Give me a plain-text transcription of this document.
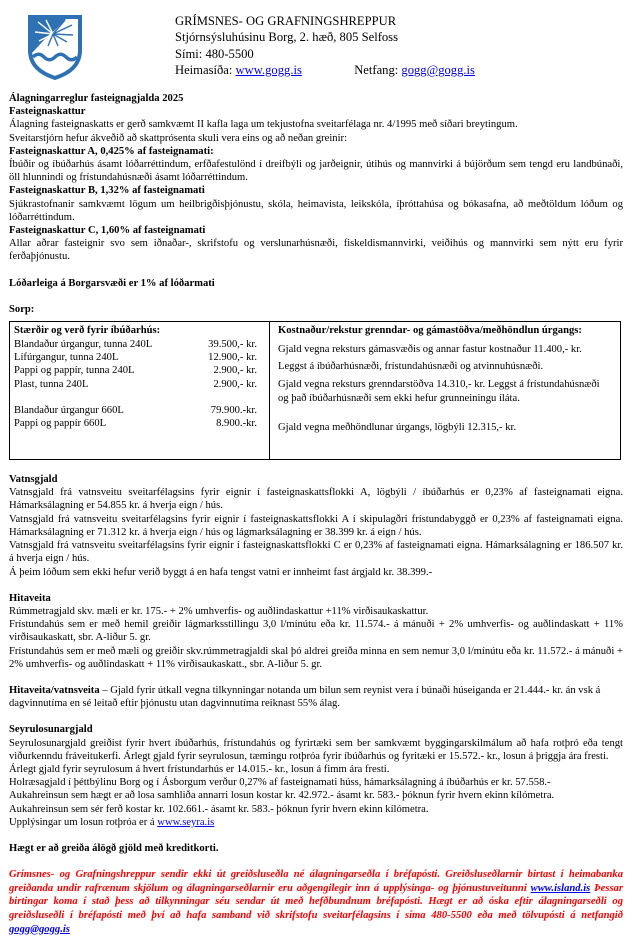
GRÍMSNES- OG GRAFNINGSHREPPUR
Stjórnsýsluhúsinu Borg, 2. hæð, 805 Selfoss
Sími: 480-5500
Heimasíða: www.gogg.is	Netfang: gogg@gogg.is

Álagningarreglur fasteignagjalda 2025

Fasteignaskattur

Álagning fasteignaskatts er gerð samkvæmt II kafla laga um tekjustofna sveitarfélaga nr. 4/1995 með síðari breytingum.

Sveitarstjórn hefur ákveðið að skattprósenta skuli vera eins og að neðan greinir:

Fasteignaskattur A, 0,425% af fasteignamati:

Íbúðir og íbúðarhús ásamt lóðarréttindum, erfðafestulönd í dreifbýli og jarðeignir, útihús og mannvirki á bújörðum sem tengd eru landbúnaði, öll hlunnindi og frístundahúsnæði ásamt lóðarréttindum.

Fasteignaskattur B, 1,32% af fasteignamati

Sjúkrastofnanir samkvæmt lögum um heilbrigðisþjónustu, skóla, heimavista, leikskóla, íþróttahúsa og bókasafna, að meðtöldum lóðum og lóðarréttindum.

Fasteignaskattur C, 1,60% af fasteignamati

Allar aðrar fasteignir svo sem iðnaðar-, skrifstofu og verslunarhúsnæði, fiskeldismannvirki, veiðihús og mannvirki sem nýtt eru fyrir ferðaþjónustu.

Lóðarleiga á Borgarsvæði er 1% af lóðarmati

Sorp:

Stærðir og verð fyrir íbúðarhús:
Blandaður úrgangur, tunna 240L	39.500,- kr.
Lífúrgangur, tunna 240L	12.900,- kr.
Pappi og pappír, tunna 240L	2.900,- kr.
Plast, tunna 240L	2.900,- kr.
Blandaður úrgangur 660L	79.900.-kr.
Pappi og pappír 660L	8.900.-kr.
Kostnaður/rekstur grenndar- og gámastöðva/meðhöndlun úrgangs:

Gjald vegna reksturs gámasvæðis og annar fastur kostnaður 11.400,- kr.

Leggst á íbúðarhúsnæði, frístundahúsnæði og atvinnuhúsnæði.

Gjald vegna reksturs grenndarstöðva 14.310,- kr. Leggst á frístundahúsnæði og það íbúðarhúsnæði sem ekki hefur grunneiningu íláta.

Gjald vegna meðhöndlunar úrgangs, lögbýli 12.315,- kr.

Vatnsgjald

Vatnsgjald frá vatnsveitu sveitarfélagsins fyrir eignir í fasteignaskattsflokki A, lögbýli / íbúðarhús er 0,23% af fasteignamati eigna. Hámarksálagning er 54.855 kr. á hverja eign / hús.

Vatnsgjald frá vatnsveitu sveitarfélagsins fyrir eignir í fasteignaskattsflokki A í skipulagðri frístundabyggð er 0,23% af fasteignamati eigna. Hámarksálagning er 71.312 kr. á hverja eign / hús og lágmarksálagning er 38.399 kr. á eign / hús.

Vatnsgjald frá vatnsveitu sveitarfélagsins fyrir eignir í fasteignaskattsflokki C er 0,23% af fasteignamati eigna. Hámarksálagning er 186.507 kr. á hverja eign / hús.

Á þeim lóðum sem ekki hefur verið byggt á en hafa tengst vatni er innheimt fast árgjald kr. 38.399.-

Hitaveita

Rúmmetragjald skv. mæli er kr. 175.- + 2% umhverfis- og auðlindaskattur +11% virðisaukaskattur.

Frístundahús sem er með hemil greiðir lágmarksstillingu 3,0 l/mínútu eða kr. 11.574.- á mánuði + 2% umhverfis- og auðlindaskatt + 11% virðisaukaskatt, sbr. A-liður 5. gr.

Frístundahús sem er með mæli og greiðir skv.rúmmetragjaldi skal þó aldrei greiða minna en sem nemur 3,0 l/mínútu eða kr. 11.572.- á mánuði + 2% umhverfis- og auðlindaskatt + 11% virðisaukaskatt., sbr. A-liður 5. gr.

Hitaveita/vatnsveita – Gjald fyrir útkall vegna tilkynningar notanda um bilun sem reynist vera í búnaði húseiganda er 21.444.- kr. án vsk á dagvinnutíma en sé leitað eftir þjónustu utan dagvinnutíma reiknast 55% álag.

Seyrulosunargjald

Seyrulosunargjald greiðist fyrir hvert íbúðarhús, frístundahús og fyrirtæki sem ber samkvæmt byggingarskilmálum að hafa rotþró eða tengt viðurkenndu fráveitukerfi. Árlegt gjald fyrir seyrulosun, tæmingu rotþróa fyrir íbúðarhús og fyritæki er 15.572.- kr., losun á þriggja ára fresti.

Árlegt gjald fyrir seyrulosum á hvert frístundarhús er 14.015.- kr., losun á fimm ára fresti.

Holræsagjald í þéttbýlinu Borg og í Ásborgum verður 0,27% af fasteignamati húss, hámarksálagning á íbúðarhús er kr. 57.558.-

Aukahreinsun sem hægt er að losa samhliða annarri losun kostar kr. 42.972.- ásamt kr. 583.- þóknun fyrir hvern ekinn kílómetra.

Aukahreinsun sem sér ferð kostar kr. 102.661.- ásamt kr. 583.- þóknun fyrir hvern ekinn kílómetra.

Upplýsingar um losun rotþróa er á www.seyra.is

Hægt er að greiða álögð gjöld með kreditkorti.

Grímsnes- og Grafningshreppur sendir ekki út greiðsluseðla né álagningarseðla í bréfapósti. Greiðsluseðlarnir birtast í heimabanka greiðanda undir rafrænum skjölum og álagningarseðlarnir eru aðgengilegir inn á upplýsinga- og þjónustuveitunni www.island.is Þessar birtingar koma í stað þess að tilkynningar séu sendar út með hefðbundnum bréfapósti. Hægt er að óska eftir álagningarseðli og greiðsluseðli í bréfapósti með því að hafa samband við skrifstofu sveitarfélagsins í síma 480-5500 eða með tölvupósti á netfangið gogg@gogg.is
